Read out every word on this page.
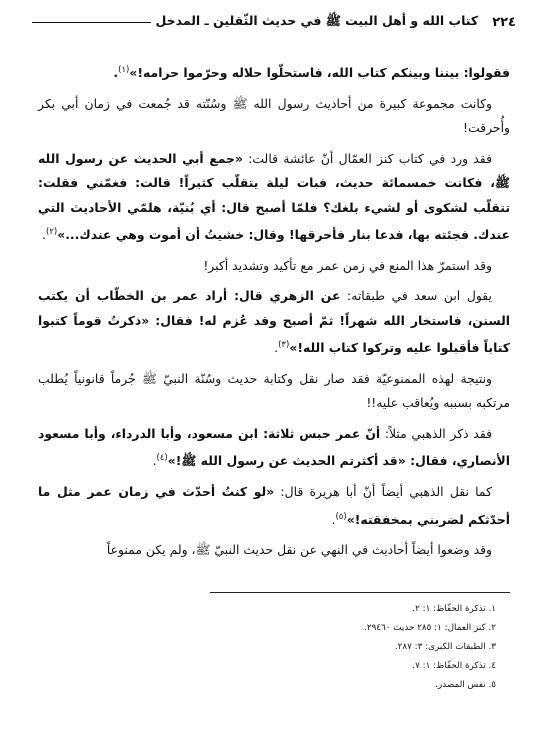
٢٢٤
كتاب الله و أهل البيت ﷺ في حديث الثّقلين ـ المدخل

فقولوا: بيننا وبينكم كتاب الله، فاستحلّوا حلاله وحرّموا حرامه!»$^{(١)}$.

وكانت مجموعة كبيرة من أحاديث رسول الله ﷺ وسُنّته قد جُمعت في زمان أبي بكر وأُحرقت!

فقد ورد في كتاب كنز العمّال أنّ عائشة قالت: «جمع أبي الحديث عن رسول الله ﷺ، فكانت خمسمائة حديث، فبات ليلة يتقلّب كثيراً! قالت: فغمّني فقلت: تتقلّب لشكوى أو لشيء بلغك؟ فلمّا أصبح قال: أي بُنيّة، هلمّي الأحاديث التي عندك. فجئته بها، فدعا بنار فأحرقها! وقال: خشيتُ أن أموت وهي عندك...»$^{(٢)}$.

وقد استمرّ هذا المنع في زمن عمر مع تأكيد وتشديد أكبر!

يقول ابن سعد في طبقاته: عن الزهري قال: أراد عمر بن الخطّاب أن يكتب السنن، فاستخار الله شهراً! ثمّ أصبح وقد عُزم له! فقال: «ذكرتُ قوماً كتبوا كتاباً فأقبلوا عليه وتركوا كتاب الله!»$^{(٣)}$.

ونتيجة لهذه الممنوعيّة فقد صار نقل وكتابة حديث وسُنّة النبيّ ﷺ جُرماً قانونياً يُطلب مرتكبه بسببه ويُعاقب عليه!!

فقد ذكر الذهبي مثلاً: أنّ عمر حبس ثلاثة: ابن مسعود، وأبا الدرداء، وأبا مسعود الأنصاري، فقال: «قد أكثرتم الحديث عن رسول الله ﷺ!»$^{(٤)}$.

كما نقل الذهبي أيضاً أنّ أبا هريرة قال: «لو كنتُ أحدّث في زمان عمر مثل ما أحدّثكم لضربني بمخفقته!»$^{(٥)}$.

وقد وضعوا أيضاً أحاديث في النهي عن نقل حديث النبيّ ﷺ، ولم يكن ممنوعاً

١. تذكرة الحفّاظ: ١: ٢.
٢. كنز العمال: ١: ٢٨٥ حديث ٢٩٤٦٠.
٣. الطبقات الكبرى: ٣: ٢٨٧.
٤. تذكرة الحفّاظ: ١: ٧.
٥. نفس المصدر.
